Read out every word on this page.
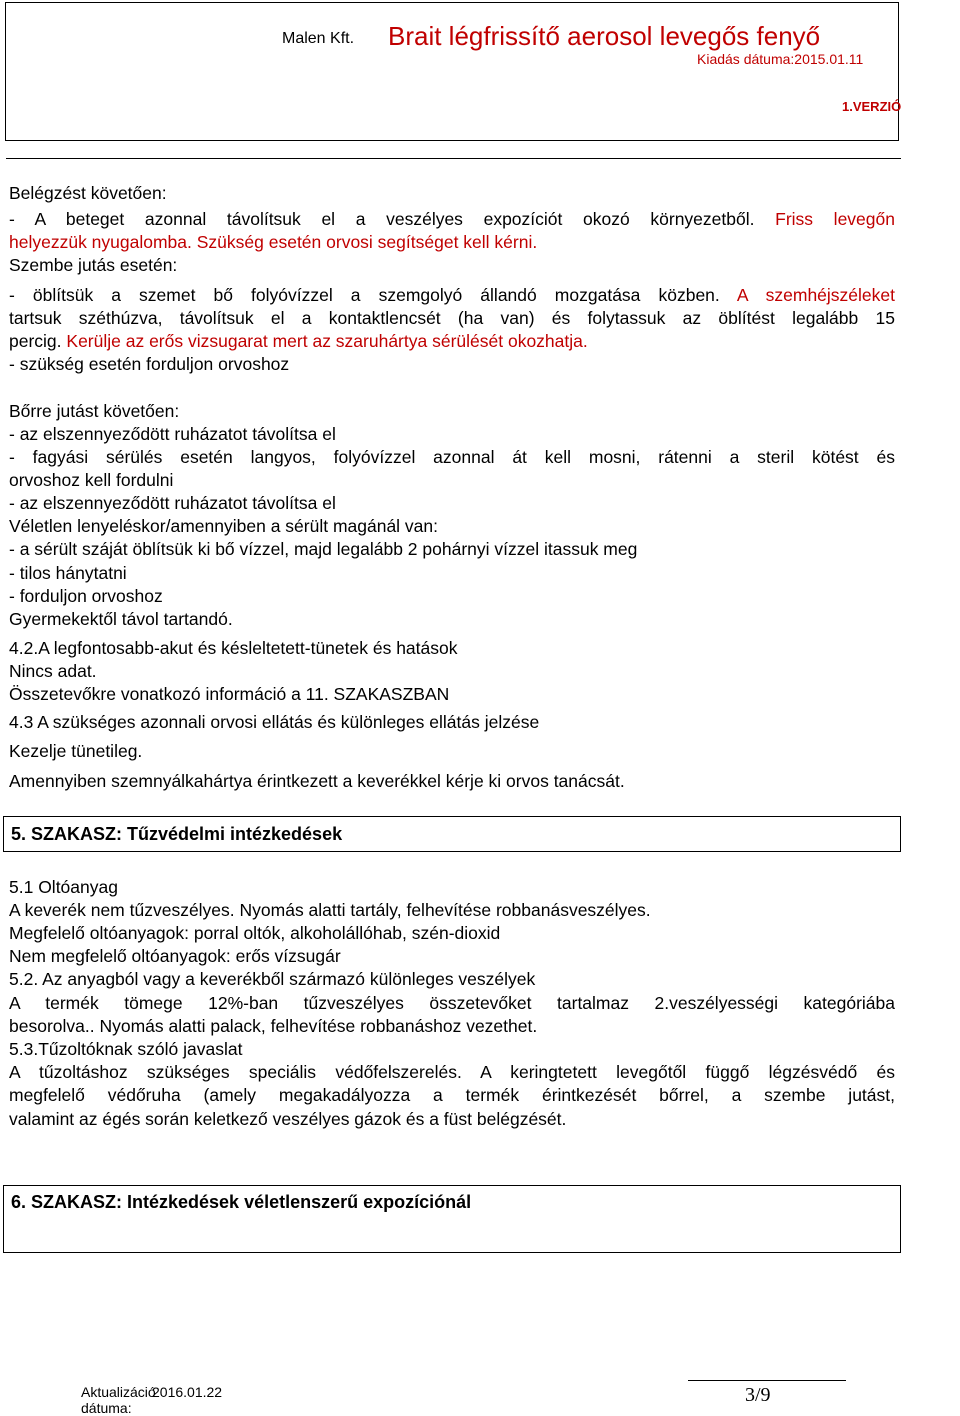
Malen Kft. Brait légfrissítő aerosol levegős fenyő
Kiadás dátuma:2015.01.11
1.VERZIÓ

Belégzést követően:

- A beteget azonnal távolítsuk el a veszélyes expozíciót okozó környezetből. Friss levegőn

helyezzük nyugalomba. Szükség esetén orvosi segítséget kell kérni.

Szembe jutás esetén:

- öblítsük a szemet bő folyóvízzel a szemgolyó állandó mozgatása közben. A szemhéjszéleket

tartsuk széthúzva, távolítsuk el a kontaktlencsét (ha van) és folytassuk az öblítést legalább 15

percig. Kerülje az erős vizsugarat mert az szaruhártya sérülését okozhatja.

- szükség esetén forduljon orvoshoz

Bőrre jutást követően:

- az elszennyeződött ruházatot távolítsa el

- fagyási sérülés esetén langyos, folyóvízzel azonnal át kell mosni, rátenni a steril kötést és

orvoshoz kell fordulni

- az elszennyeződött ruházatot távolítsa el

Véletlen lenyeléskor/amennyiben a sérült magánál van:

- a sérült száját öblítsük ki bő vízzel, majd legalább 2 pohárnyi vízzel itassuk meg

- tilos hánytatni

- forduljon orvoshoz

Gyermekektől távol tartandó.

4.2.A legfontosabb-akut és késleltetett-tünetek és hatások

Nincs adat.

Összetevőkre vonatkozó információ a 11. SZAKASZBAN

4.3 A szükséges azonnali orvosi ellátás és különleges ellátás jelzése

Kezelje tünetileg.

Amennyiben szemnyálkahártya érintkezett a keverékkel kérje ki orvos tanácsát.

5. SZAKASZ: Tűzvédelmi intézkedések

5.1 Oltóanyag

A keverék nem tűzveszélyes. Nyomás alatti tartály, felhevítése robbanásveszélyes.

Megfelelő oltóanyagok: porral oltók, alkoholállóhab, szén-dioxid

Nem megfelelő oltóanyagok: erős vízsugár

5.2. Az anyagból vagy a keverékből származó különleges veszélyek

A termék tömege 12%-ban tűzveszélyes összetevőket tartalmaz 2.veszélyességi kategóriába

besorolva.. Nyomás alatti palack, felhevítése robbanáshoz vezethet.

5.3.Tűzoltóknak szóló javaslat

A tűzoltáshoz szükséges speciális védőfelszerelés. A keringtetett levegőtől függő légzésvédő és

megfelelő védőruha (amely megakadályozza a termék érintkezését bőrrel, a szembe jutást,

valamint az égés során keletkező veszélyes gázok és a füst belégzését.

6. SZAKASZ: Intézkedések véletlenszerű expozíciónál
Aktualizáció
dátuma:
2016.01.22	3/9
